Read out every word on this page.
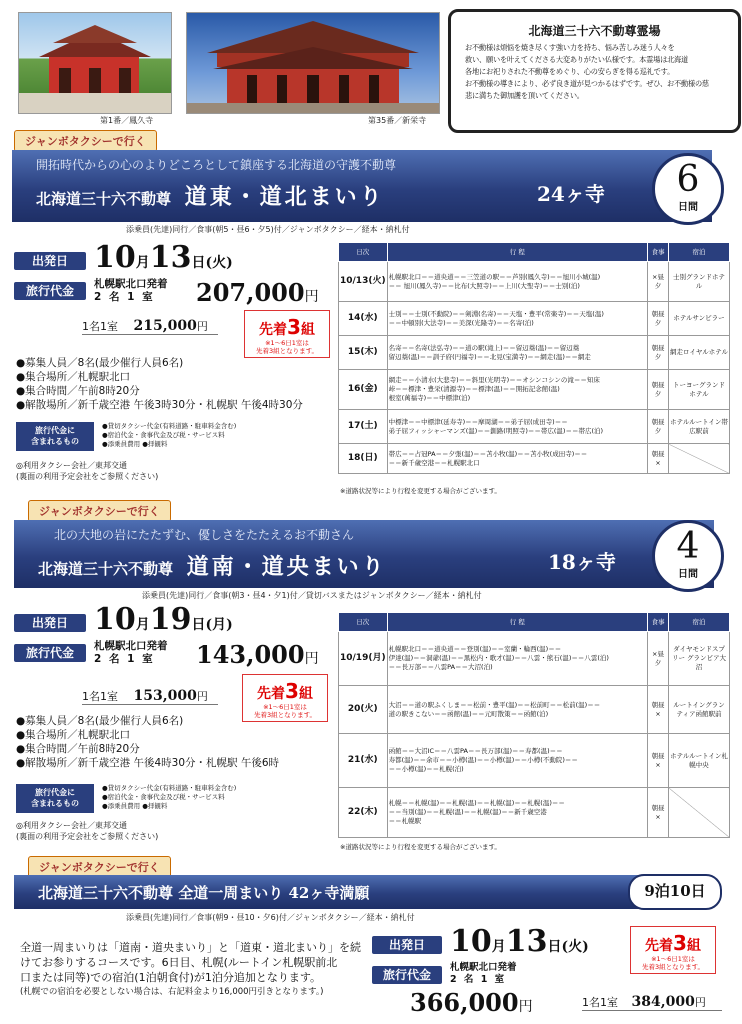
第1番／鳳久寺	第35番／新栄寺
北海道三十六不動尊霊場
お不動様は煩悩を焼き尽くす強い力を持ち、悩み苦しみ迷う人々を
救い、願いを叶えてくださる大変ありがたい仏様です。本霊場は北海道
各地にお祀りされた不動尊をめぐり、心の安らぎを得る巡礼です。
お不動様の導きにより、必ず良き道が見つかるはずです。ぜひ、お不動様の慈
悲に満ちた御加護を頂いてください。
ジャンボタクシーで行く
開拓時代からの心のよりどころとして鎮座する北海道の守護不動尊
北海道三十六不動尊 道東・道北まいり	24ヶ寺	6
日間
添乗員(先達)同行／食事(朝5・昼6・夕5)付／ジャンボタクシー／経本・納札付
出発日 10月13日(火)
旅行代金	札幌駅北口発着
2 名 1 室	207,000円
1名1室 215,000円	先着3組
※1～6日1室は
先着3組となります。
●募集人員／8名(最少催行人員6名)
●集合場所／札幌駅北口
●集合時間／午前8時20分
●解散場所／新千歳空港 午後3時30分・札幌駅 午後4時30分
旅行代金に
含まれるもの
●貸切タクシー代金(有料道路・駐車料金含む)
●宿泊代金・食事代金及び税・サービス料
●添乗員費用 ●拝観料
◎利用タクシー会社／東邦交通
(裏面の利用予定会社をご参照ください)
日次	行 程	食事	宿泊
10/13(火)	札幌駅北口＝＝道央道＝＝三笠道の駅＝＝芦別(鳳久寺)＝＝旭川小城(温)
＝＝ 旭川(鳳久寺)＝＝比布(大照寺)＝＝上川(大聖寺)＝＝士別(泊)	×昼夕	士別グランドホテル
14(水)	士別＝＝士別(不動院)＝＝剣淵(名寄)＝＝天塩・豊平(常楽寺)＝＝天塩(温)
＝＝中頓別(大法寺)＝＝美深(光隆寺)＝＝名寄(泊)	朝昼夕	ホテルサンピラー
15(木)	名寄＝＝名寄(法弘寺)＝＝道の駅(滝上)＝＝留辺蘂(温)＝＝留辺蘂
留辺蘂(温)＝＝訓子府(円福寺)＝＝北見(宝満寺)＝＝網走(温)＝＝網走	朝昼夕	網走ロイヤルホテル
16(金)	網走＝＝小清水(大悲寺)＝＝斜里(光明寺)＝＝オシンコシンの滝＝＝知床
峠＝＝標津・豊栄(清源寺)＝＝標津(温)＝＝開拓記念館(温)
根室(萬福寺)＝＝中標津(泊)	朝昼夕	トーヨーグランドホテル
17(土)	中標津＝＝中標津(延寿寺)＝＝摩周湖＝＝弟子屈(成田寺)＝＝
弟子屈フィッシャーマンズ(温)＝＝釧路(明照寺)＝＝帯広(温)＝＝帯広(泊)	朝昼夕	ホテルルートイン帯広駅前
18(日)	帯広＝＝占冠PA＝＝夕張(温)＝＝苫小牧(温)＝＝苫小牧(成田寺)＝＝
＝＝新千歳空港＝＝札幌駅北口	朝昼×	
※道路状況等により行程を変更する場合がございます。
ジャンボタクシーで行く
北の大地の岩にたたずむ、優しさをたたえるお不動さん
北海道三十六不動尊 道南・道央まいり	18ヶ寺	4
日間
添乗員(先達)同行／食事(朝3・昼4・夕1)付／貸切バスまたはジャンボタクシー／経本・納札付
出発日 10月19日(月)
旅行代金	札幌駅北口発着
2 名 1 室	143,000円
1名1室 153,000円	先着3組
※1～6日1室は
先着3組となります。
●募集人員／8名(最少催行人員6名)
●集合場所／札幌駅北口
●集合時間／午前8時20分
●解散場所／新千歳空港 午後4時30分・札幌駅 午後6時
旅行代金に
含まれるもの
●貸切タクシー代金(有料道路・駐車料金含む)
●宿泊代金・食事代金及び税・サービス料
●添乗員費用 ●拝観料
◎利用タクシー会社／東邦交通
(裏面の利用予定会社をご参照ください)
日次	行 程	食事	宿泊
10/19(月)	札幌駅北口＝＝道央道＝＝登別(温)＝＝室蘭・輪西(温)＝＝
伊達(温)＝＝洞爺(温)＝＝黒松内・歌才(温)＝＝八雲・熊石(温)＝＝八雲(泊)
＝＝長万部＝＝八雲PA＝＝大沼(泊)	×昼夕	ダイヤモンドスプリー グランビア大沼
20(火)	大沼＝＝道の駅ふくしま＝＝松前・豊平(温)＝＝松前町＝＝松前(温)＝＝
道の駅きこない＝＝函館(温)＝＝元町散策＝＝函館(泊)	朝昼×	ルートイングランティア函館駅前
21(水)	函館＝＝大沼IC＝＝八雲PA＝＝長万部(温)＝＝寿都(温)＝＝
寿都(温)＝＝余市＝＝小樽(温)＝＝小樽(温)＝＝小樽(不動院)＝＝
＝＝小樽(温)＝＝札幌(泊)	朝昼×	ホテルルートイン札幌中央
22(木)	札幌＝＝札幌(温)＝＝札幌(温)＝＝札幌(温)＝＝札幌(温)＝＝
＝＝当別(温)＝＝札幌(温)＝＝札幌(温)＝＝新千歳空港
＝＝札幌駅	朝昼×	
※道路状況等により行程を変更する場合がございます。
ジャンボタクシーで行く
北海道三十六不動尊 全道一周まいり 42ヶ寺満願	9泊10日
添乗員(先達)同行／食事(朝9・昼10・夕6)付／ジャンボタクシー／経本・納札付
全道一周まいりは「道南・道央まいり」と「道東・道北まいり」を続
けてお参りするコースです。6日目、札幌(ルートイン札幌駅前北
口または同等)での宿泊(1泊朝食付)が1泊分追加となります。
(札幌での宿泊を必要としない場合は、右記料金より16,000円引きとなります。)
出発日 10月13日(火)
旅行代金
札幌駅北口発着
2 名 1 室
366,000円
先着3組
※1～6日1室は
先着3組となります。
1名1室 384,000円
